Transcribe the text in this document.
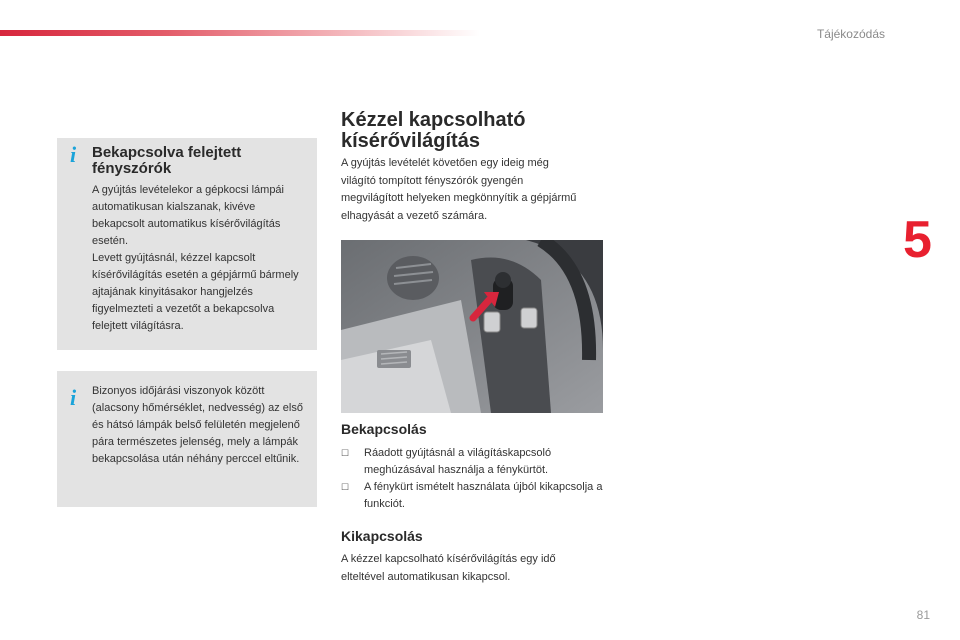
Tájékozódás
5
i Bekapcsolva felejtett fényszórók
A gyújtás levételekor a gépkocsi lámpái automatikusan kialszanak, kivéve bekapcsolt automatikus kísérővilágítás esetén.
Levett gyújtásnál, kézzel kapcsolt kísérővilágítás esetén a gépjármű bármely ajtajának kinyitásakor hangjelzés figyelmezteti a vezetőt a bekapcsolva felejtett világításra.
i Bizonyos időjárási viszonyok között (alacsony hőmérséklet, nedvesség) az első és hátsó lámpák belső felületén megjelenő pára természetes jelenség, mely a lámpák bekapcsolása után néhány perccel eltűnik.
Kézzel kapcsolható kísérővilágítás
A gyújtás levételét követően egy ideig még világító tompított fényszórók gyengén megvilágított helyeken megkönnyítik a gépjármű elhagyását a vezető számára.
Bekapcsolás
☐ Ráadott gyújtásnál a világításkapcsoló meghúzásával használja a fénykürtöt.
☐ A fénykürt ismételt használata újból kikapcsolja a funkciót.
Kikapcsolás
A kézzel kapcsolható kísérővilágítás egy idő elteltével automatikusan kikapcsol.
81
